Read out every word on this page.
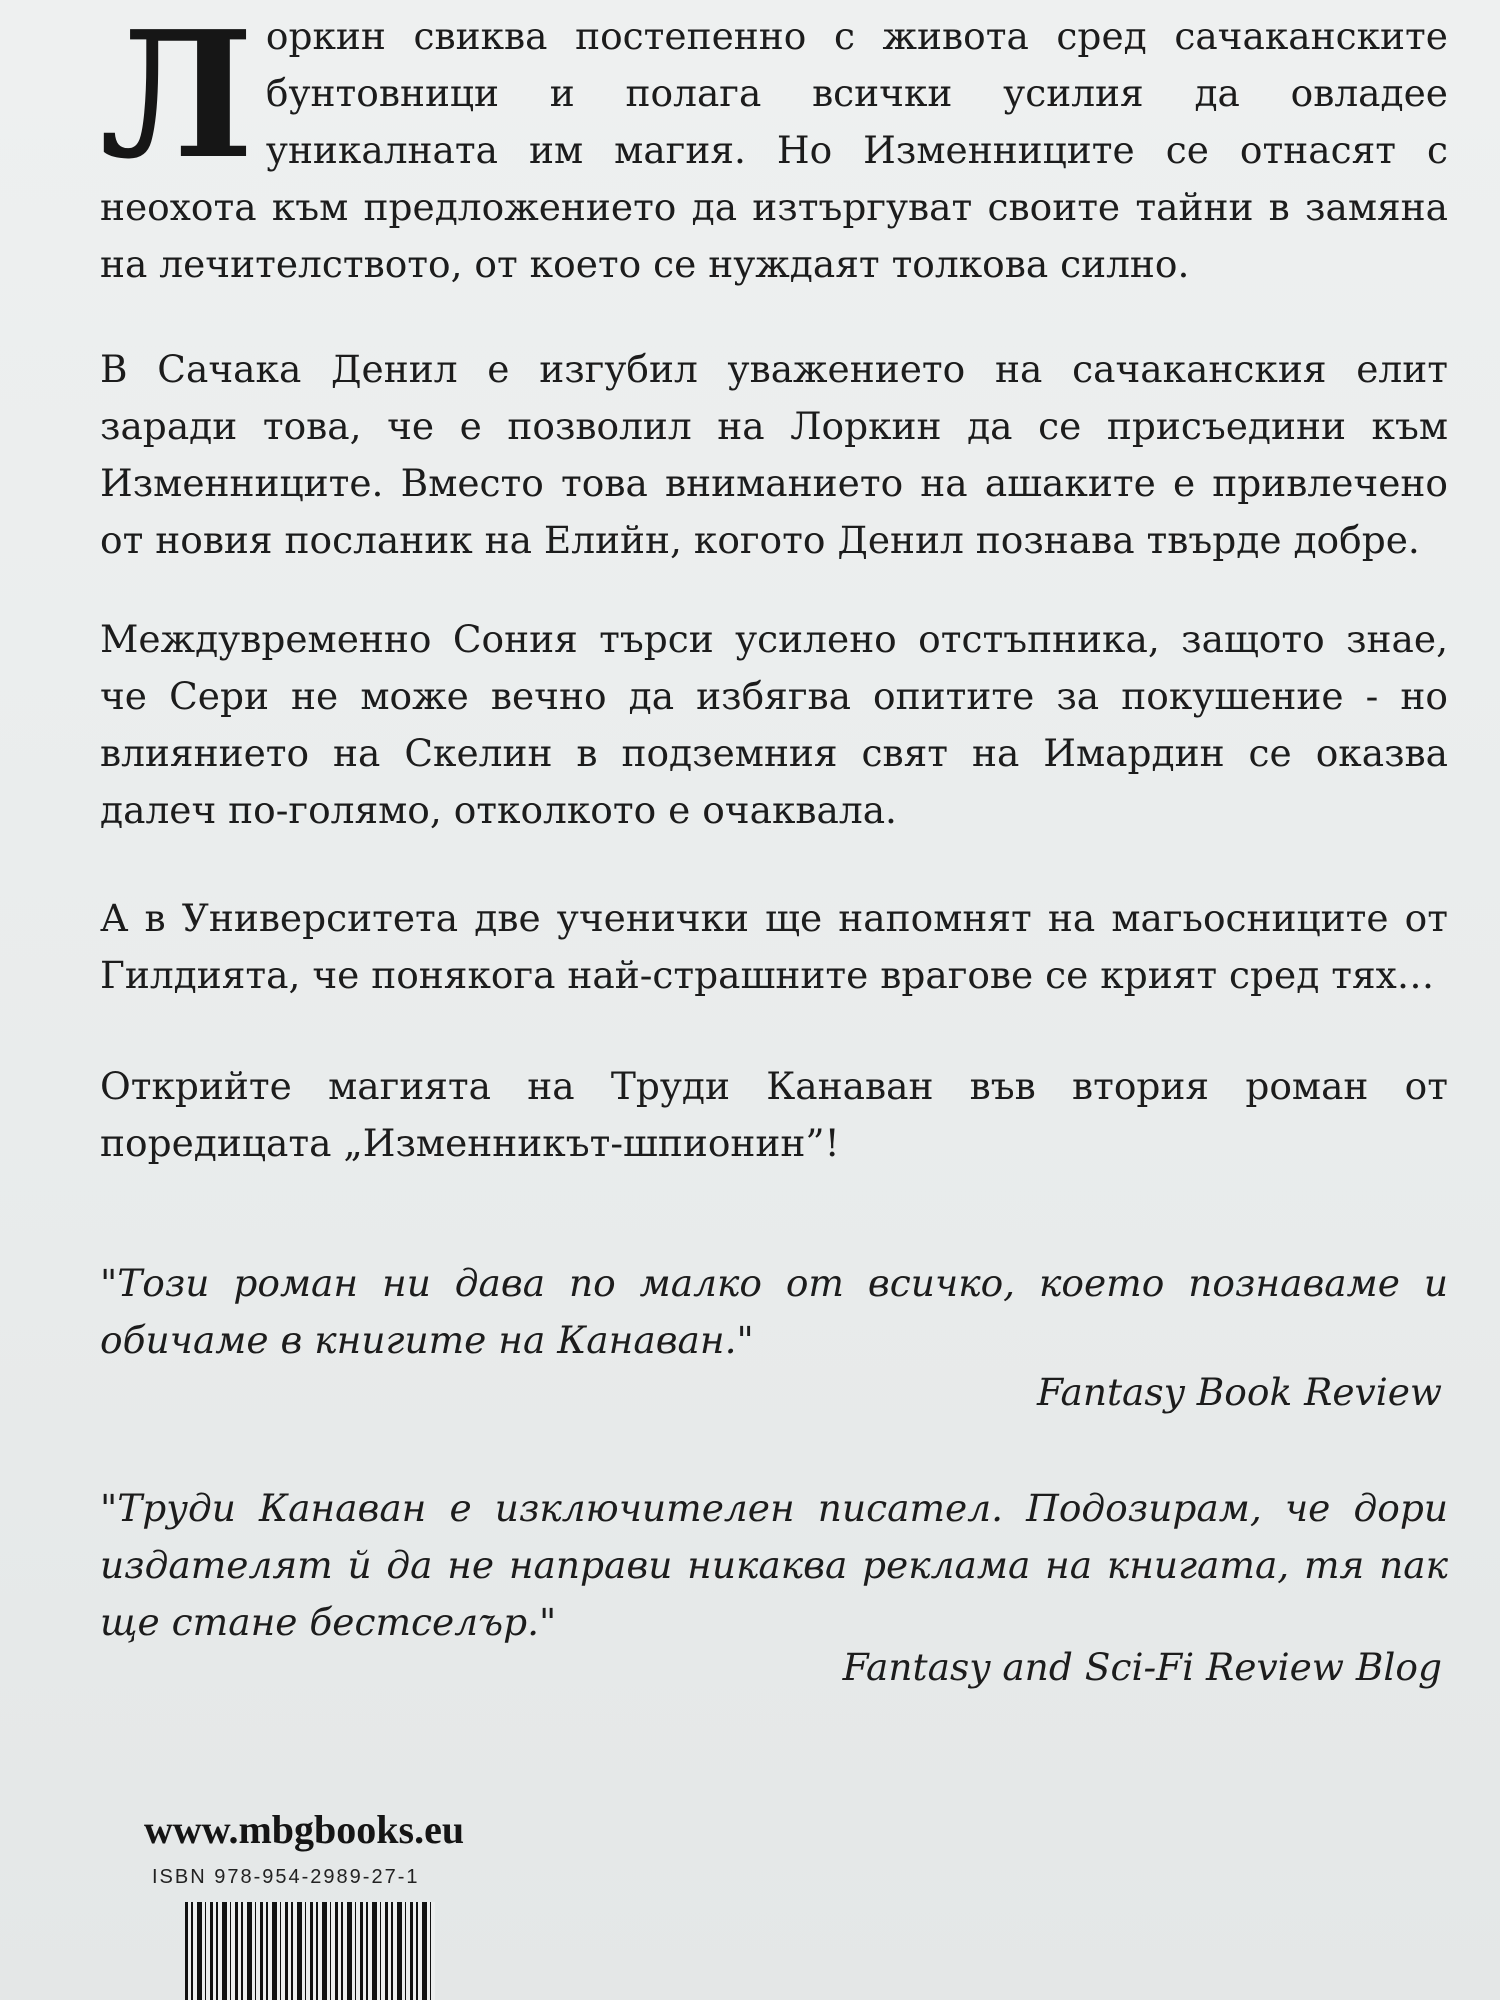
Лоркин свиква постепенно с живота сред сачаканските бунтовници и полага всички усилия да овладее уникалната им магия. Но Изменниците се отнасят с неохота към предложението да изтъргуват своите тайни в замяна на лечителството, от което се нуждаят толкова силно.

В Сачака Денил е изгубил уважението на сачаканския елит заради това, че е позволил на Лоркин да се присъедини към Изменниците. Вместо това вниманието на ашаките е привлечено от новия посланик на Елийн, когото Денил познава твърде добре.

Междувременно Сония търси усилено отстъпника, защото знае, че Сери не може вечно да избягва опитите за покушение - но влиянието на Скелин в подземния свят на Имардин се оказва далеч по-голямо, отколкото е очаквала.

А в Университета две ученички ще напомнят на магьосниците от Гилдията, че понякога най-страшните врагове се крият сред тях…

Открийте магията на Труди Канаван във втория роман от поредицата „Изменникът-шпионин”!

"Този роман ни дава по малко от всичко, което познаваме и обичаме в книгите на Канаван."

Fantasy Book Review

"Труди Канаван е изключителен писател. Подозирам, че дори издателят й да не направи никаква реклама на книгата, тя пак ще стане бестселър."

Fantasy and Sci-Fi Review Blog

www.mbgbooks.eu

ISBN 978-954-2989-27-1
